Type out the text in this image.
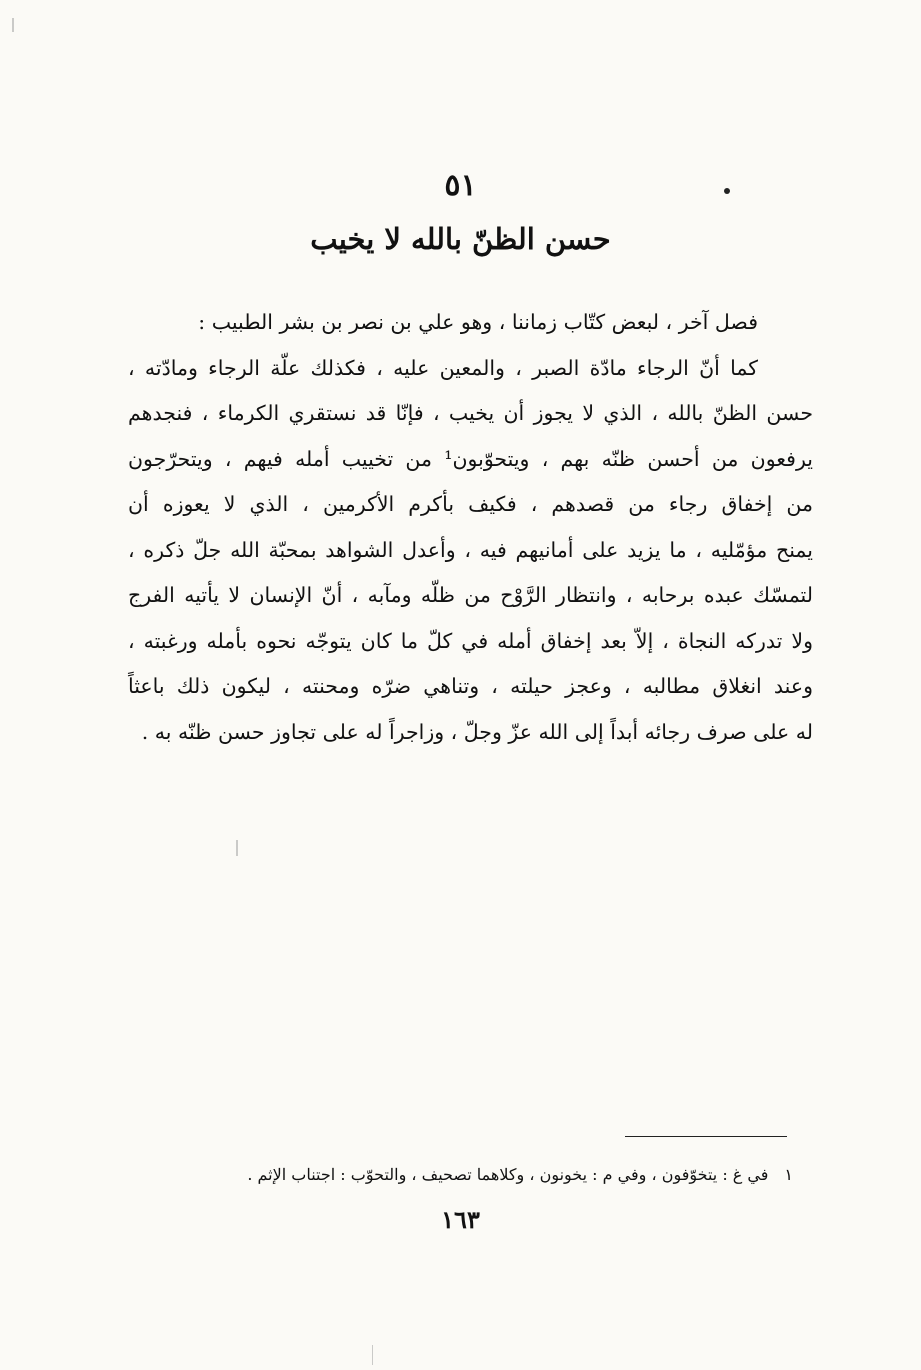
٥١
حسن الظنّ بالله لا يخيب
فصل آخر ، لبعض كتّاب زماننا ، وهو علي بن نصر بن بشر الطبيب :
كما أنّ الرجاء مادّة الصبر ، والمعين عليه ، فكذلك علّة الرجاء ومادّته ،
حسن الظنّ بالله ، الذي لا يجوز أن يخيب ، فإنّا قد نستقري الكرماء ، فنجدهم
يرفعون من أحسن ظنّه بهم ، ويتحوّبون¹ من تخييب أمله فيهم ، ويتحرّجون
من إخفاق رجاء من قصدهم ، فكيف بأكرم الأكرمين ، الذي لا يعوزه أن
يمنح مؤمّليه ، ما يزيد على أمانيهم فيه ، وأعدل الشواهد بمحبّة الله جلّ ذكره ،
لتمسّك عبده برحابه ، وانتظار الرَّوْح من ظلّه ومآبه ، أنّ الإنسان لا يأتيه الفرج
ولا تدركه النجاة ، إلاّ بعد إخفاق أمله في كلّ ما كان يتوجّه نحوه بأمله ورغبته ،
وعند انغلاق مطالبه ، وعجز حيلته ، وتناهي ضرّه ومحنته ، ليكون ذلك باعثاً
له على صرف رجائه أبداً إلى الله عزّ وجلّ ، وزاجراً له على تجاوز حسن ظنّه به .
١في غ : يتخوّفون ، وفي م : يخونون ، وكلاهما تصحيف ، والتحوّب : اجتناب الإثم .
١٦٣
